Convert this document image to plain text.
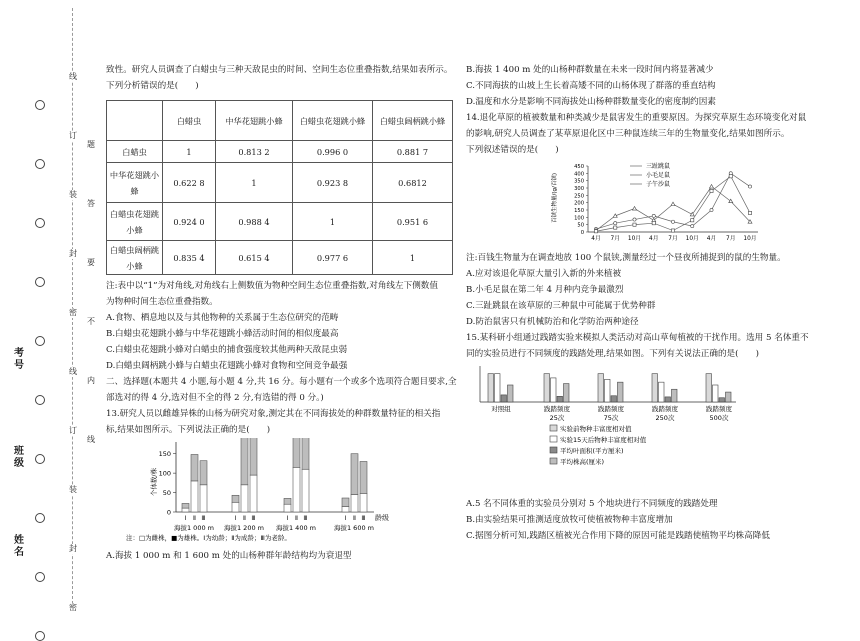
线
订
装
封
密
线
订
装
封
密
题
答
要
不
内
线
考号
班级
姓名

致性。研究人员调查了白蜡虫与三种天敌昆虫的时间、空间生态位重叠指数,结果如表所示。

下列分析错误的是(　　)

	白蜡虫	中华花翅跳小蜂	白蜡虫花翅跳小蜂	白蜡虫阔柄跳小蜂
白蜡虫	1	0.813 2	0.996 0	0.881 7
中华花翅跳小蜂	0.622 8	1	0.923 8	0.6812
白蜡虫花翅跳小蜂	0.924 0	0.988 4	1	0.951 6
白蜡虫阔柄跳小蜂	0.835 4	0.615 4	0.977 6	1

注:表中以“1”为对角线,对角线右上侧数值为物种空间生态位重叠指数,对角线左下侧数值

为物种时间生态位重叠指数。

A.食物、栖息地以及与其他物种的关系属于生态位研究的范畴

B.白蜡虫花翅跳小蜂与中华花翅跳小蜂活动时间的相似度最高

C.白蜡虫花翅跳小蜂对白蜡虫的捕食强度较其他两种天敌昆虫弱

D.白蜡虫阔柄跳小蜂与白蜡虫花翅跳小蜂对食物和空间竞争最强

二、选择题(本题共 4 小题,每小题 4 分,共 16 分。每小题有一个或多个选项符合题目要求,全

部选对的得 4 分,选对但不全的得 2 分,有选错的得 0 分。)

13.研究人员以雌雄异株的山杨为研究对象,测定其在不同海拔处的种群数量特征的相关指

标,结果如图所示。下列说法正确的是(　　)

0
50
100
150
个体数/株
龄级
Ⅰ Ⅱ Ⅲ
海拔1 000 m
Ⅰ Ⅱ Ⅲ
海拔1 200 m
Ⅰ Ⅱ Ⅲ
海拔1 400 m
Ⅰ Ⅱ Ⅲ
海拔1 600 m
注：□为雌株，■为雄株。Ⅰ为幼龄；Ⅱ为成龄；Ⅲ为老龄。

A.海拔 1 000 m 和 1 600 m 处的山杨种群年龄结构均为衰退型

B.海拔 1 400 m 处的山杨种群数量在未来一段时间内将显著减少

C.不同海拔的山坡上生长着高矮不同的山杨体现了群落的垂直结构

D.温度和水分是影响不同海拔处山杨种群数量变化的密度制约因素

14.退化草原的植被数量和种类减少是鼠害发生的重要原因。为探究草原生态环境变化对鼠

的影响,研究人员调查了某草原退化区中三种鼠连续三年的生物量变化,结果如图所示。

下列叙述错误的是(　　)

0
50
100
150
200
250
300
350
400
450
百铗生物量/(g/百铗)
4月 7月 10月 4月 7月 10月 4月 7月 10月
三趾跳鼠
小毛足鼠
子午沙鼠

注:百钱生物量为在调查地放 100 个鼠铗,测量经过一个昼夜所捕捉到的鼠的生物量。

A.应对该退化草原大量引入新的外来植被

B.小毛足鼠在第二年 4 月种内竞争最激烈

C.三趾跳鼠在该草原的三种鼠中可能属于优势种群

D.防治鼠害只有机械防治和化学防治两种途径

15.某科研小组通过践踏实验来模拟人类活动对高山草甸植被的干扰作用。选用 5 名体重不

同的实验员进行不同频度的践踏处理,结果如图。下列有关说法正确的是(　　)

对照组	践踏频度
25次
践踏频度
75次
践踏频度
250次
践踏频度
500次
实验前物种丰富度相对值
实验15天后物种丰富度相对值
平均叶面积(平方厘米)
平均株高(厘米)

A.5 名不同体重的实验员分别对 5 个地块进行不同频度的践踏处理

B.由实验结果可推测适度放牧可使植被物种丰富度增加

C.据图分析可知,践踏区植被光合作用下降的原因可能是践踏使植物平均株高降低
